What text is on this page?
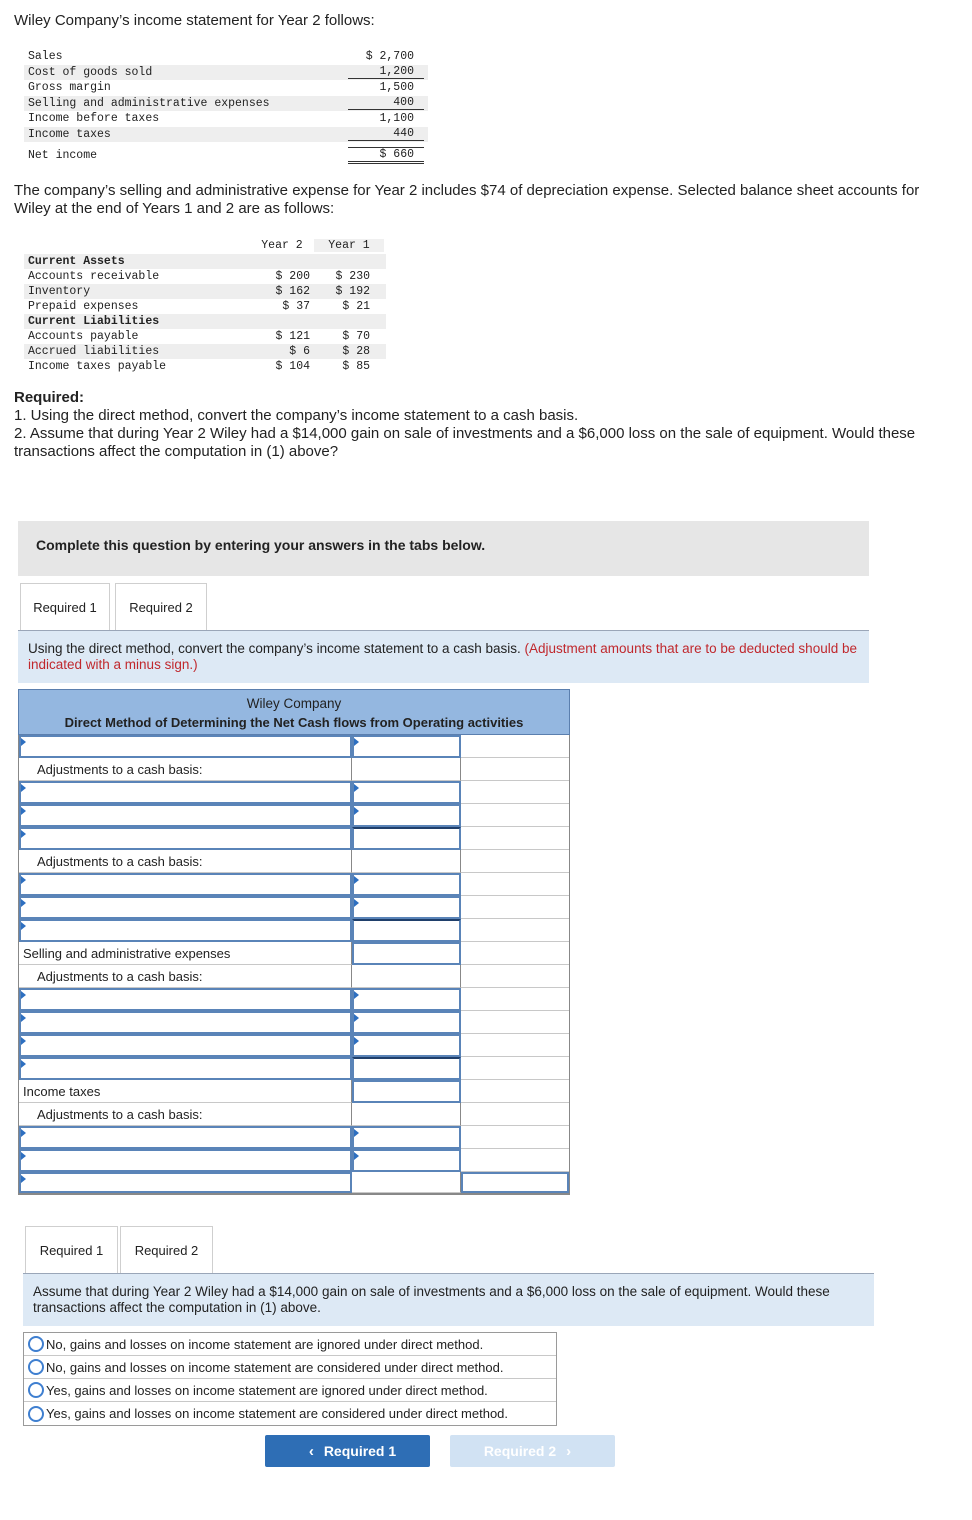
Wiley Company’s income statement for Year 2 follows:
Sales	$ 2,700
Cost of goods sold	1,200
Gross margin	1,500
Selling and administrative expenses	400
Income before taxes	1,100
Income taxes	440
Net income	$ 660
The company’s selling and administrative expense for Year 2 includes $74 of depreciation expense. Selected balance sheet accounts for Wiley at the end of Years 1 and 2 are as follows:
Year 2	Year 1
Current Assets
Accounts receivable	$ 200	$ 230
Inventory	$ 162	$ 192
Prepaid expenses	$ 37	$ 21
Current Liabilities
Accounts payable	$ 121	$ 70
Accrued liabilities	$ 6	$ 28
Income taxes payable	$ 104	$ 85
Required:
1. Using the direct method, convert the company’s income statement to a cash basis.
2. Assume that during Year 2 Wiley had a $14,000 gain on sale of investments and a $6,000 loss on the sale of equipment. Would these transactions affect the computation in (1) above?
Complete this question by entering your answers in the tabs below.
Required 1	Required 2
Using the direct method, convert the company’s income statement to a cash basis. (Adjustment amounts that are to be deducted should be indicated with a minus sign.)
Wiley Company
Direct Method of Determining the Net Cash flows from Operating activities
Adjustments to a cash basis:
Adjustments to a cash basis:
Selling and administrative expenses
Adjustments to a cash basis:
Income taxes
Adjustments to a cash basis:
Required 1	Required 2
Assume that during Year 2 Wiley had a $14,000 gain on sale of investments and a $6,000 loss on the sale of equipment. Would these transactions affect the computation in (1) above.
No, gains and losses on income statement are ignored under direct method.
No, gains and losses on income statement are considered under direct method.
Yes, gains and losses on income statement are ignored under direct method.
Yes, gains and losses on income statement are considered under direct method.
‹ Required 1	Required 2 ›
